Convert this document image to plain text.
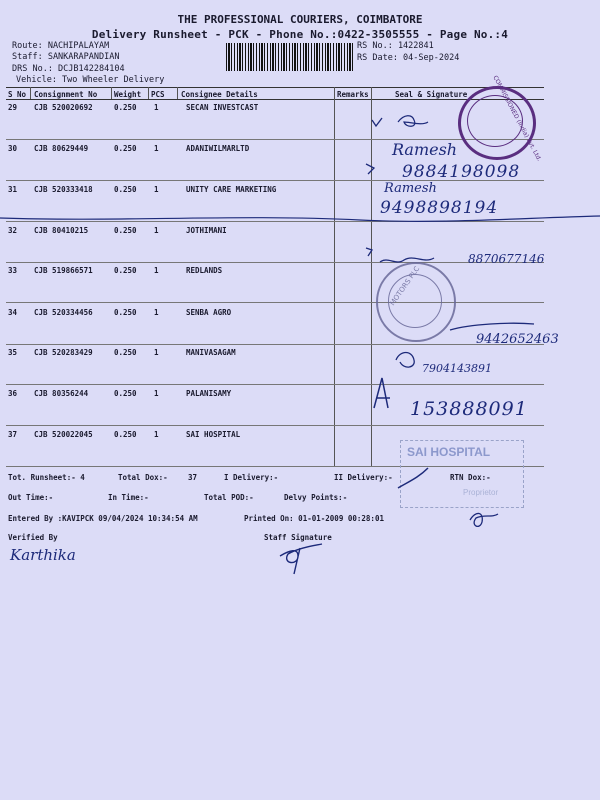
THE PROFESSIONAL COURIERS, COIMBATORE
Delivery Runsheet - PCK - Phone No.:0422-3505555 - Page No.:4
Route: NACHIPALAYAM
Staff: SANKARAPANDIAN
DRS No.: DCJB142284104
Vehicle: Two Wheeler Delivery
RS No.: 1422841
RS Date: 04-Sep-2024
S No Consignment No Weight PCS Consignee Details	Remarks	Seal & Signature
29 CJB 520020692	0.250 1	SECAN INVESTCAST
30 CJB 80629449	0.250 1	ADANIWILMARLTD
31 CJB 520333418	0.250 1	UNITY CARE MARKETING
32 CJB 80410215	0.250 1	JOTHIMANI
33 CJB 519866571	0.250 1	REDLANDS
34 CJB 520334456	0.250 1	SENBA AGRO
35 CJB 520283429	0.250 1	MANIVASAGAM
36 CJB 80356244	0.250 1	PALANISAMY
37 CJB 520022045	0.250 1	SAI HOSPITAL
COMMISSIONED (India) Pvt. Ltd.
MOTORS PLC
SAI HOSPITAL
Proprietor
Ramesh
9884198098
Ramesh
9498898194
8870677146
9442652463
7904143891
153888091
Karthika
Tot. Runsheet:- 4	Total Dox:-	37	I Delivery:-	II Delivery:-	RTN Dox:-
Out Time:-	In Time:-	Total POD:-	Delvy Points:-
Entered By :KAVIPCK 09/04/2024 10:34:54 AM	Printed On: 01-01-2009 00:28:01
Verified By	Staff Signature
